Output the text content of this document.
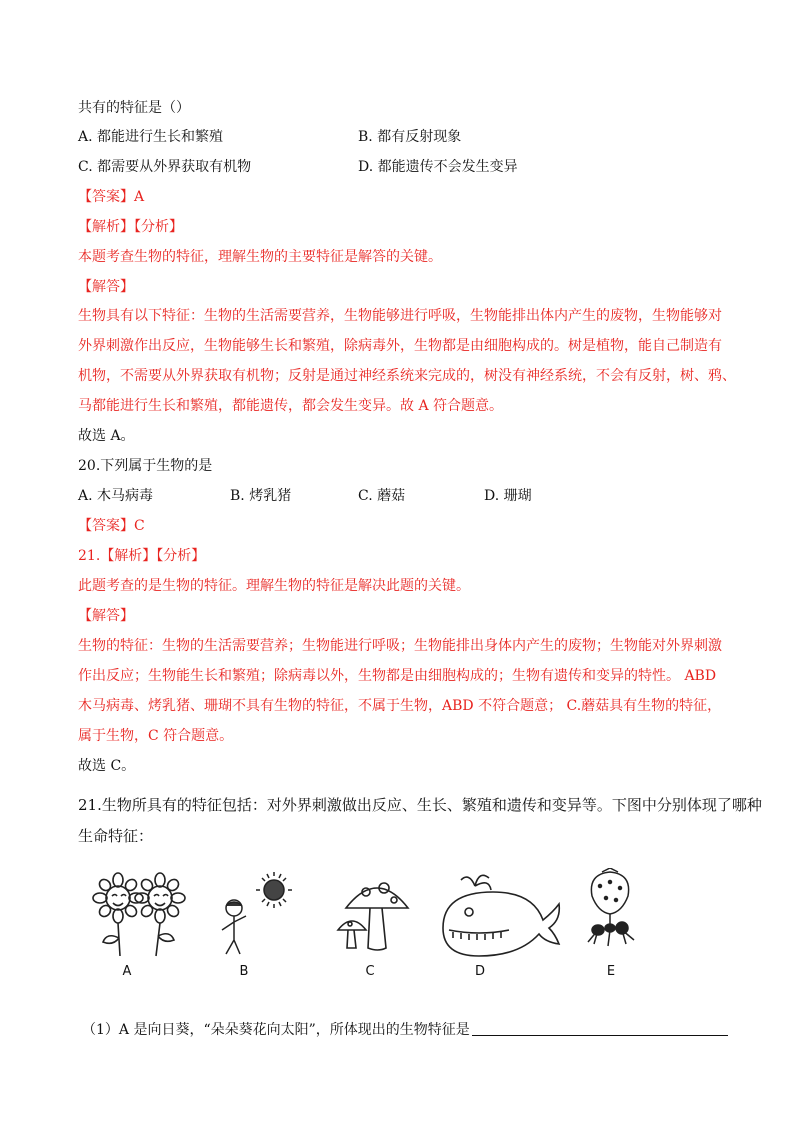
共有的特征是（）
A. 都能进行生长和繁殖	B. 都有反射现象
C. 都需要从外界获取有机物	D. 都能遗传不会发生变异
【答案】A
【解析】【分析】
本题考查生物的特征，理解生物的主要特征是解答的关键。
【解答】
生物具有以下特征：生物的生活需要营养，生物能够进行呼吸，生物能排出体内产生的废物，生物能够对
外界刺激作出反应，生物能够生长和繁殖，除病毒外，生物都是由细胞构成的。树是植物，能自己制造有
机物，不需要从外界获取有机物；反射是通过神经系统来完成的，树没有神经系统，不会有反射，树、鸦、
马都能进行生长和繁殖，都能遗传，都会发生变异。故 A 符合题意。
故选 A。
20.下列属于生物的是
A. 木马病毒	B. 烤乳猪	C. 蘑菇	D. 珊瑚
【答案】C
21.【解析】【分析】
此题考查的是生物的特征。理解生物的特征是解决此题的关键。
【解答】
生物的特征：生物的生活需要营养；生物能进行呼吸；生物能排出身体内产生的废物；生物能对外界刺激
作出反应；生物能生长和繁殖；除病毒以外，生物都是由细胞构成的；生物有遗传和变异的特性。 ABD
木马病毒、烤乳猪、珊瑚不具有生物的特征，不属于生物，ABD 不符合题意； C.蘑菇具有生物的特征，
属于生物，C 符合题意。
故选 C。
21.生物所具有的特征包括：对外界刺激做出反应、生长、繁殖和遗传和变异等。下图中分别体现了哪种
生命特征：
A	B	C	D	E
（1）A 是向日葵，“朵朵葵花向太阳”，所体现出的生物特征是
